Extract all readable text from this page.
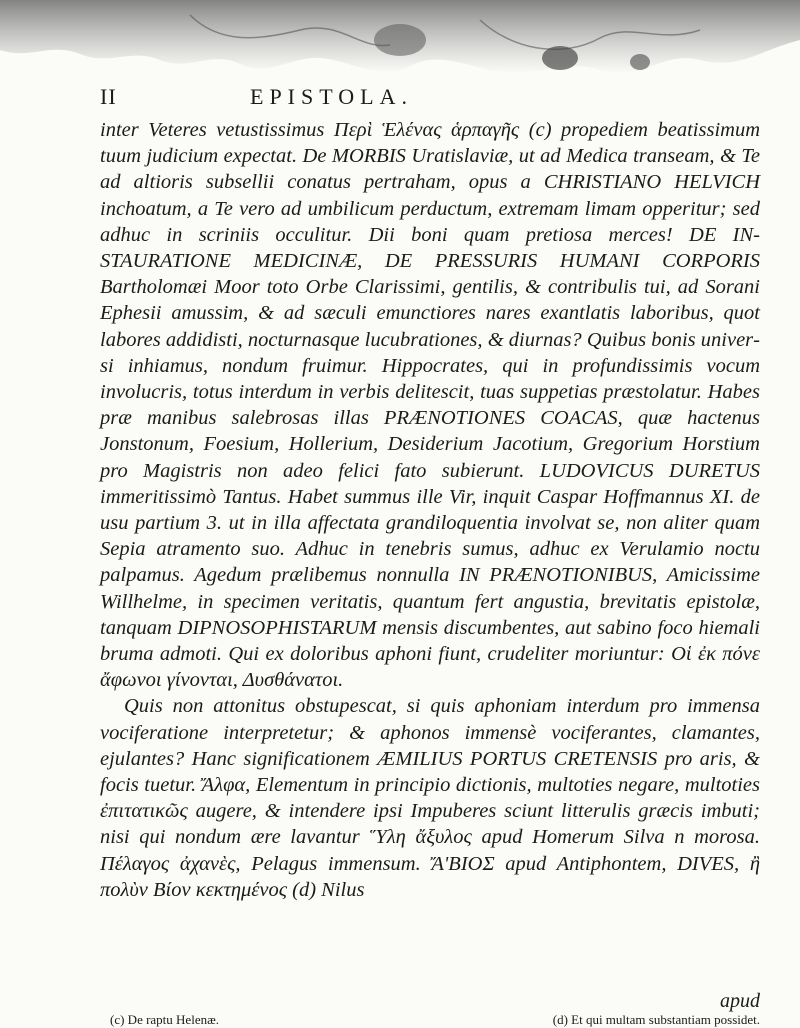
II	EPISTOLA.

inter Veteres vetustissimus Περὶ Ἑλένας ἁρπαγῆς (c) propediem beatissimum tuum judicium expectat. De MORBIS Uratislaviæ, ut ad Medica transeam, & Te ad altioris subsellii conatus pertraham, opus a CHRISTIANO HELVICH inchoatum, a Te vero ad umbilicum perductum, extremam limam opperitur; sed adhuc in scriniis occulitur. Dii boni quam pretiosa merces! DE INSTAURATIONE MEDICINÆ, DE PRESSURIS HUMANI CORPORIS Bartholomæi Moor toto Orbe Clarissimi, gentilis, & contribulis tui, ad Sorani Ephesii amussim, & ad sæculi emunctiores nares exantlatis laboribus, quot labores addidisti, nocturnasque lucubrationes, & diurnas? Quibus bonis universi inhiamus, nondum fruimur. Hippocrates, qui in profundissimis vocum involucris, totus interdum in verbis delitescit, tuas suppetias præstolatur. Habes præ manibus salebrosas illas PRÆNOTIONES COACAS, quæ hactenus Jonstonum, Foesium, Hollerium, Desiderium Jacotium, Gregorium Horstium pro Magistris non adeo felici fato subierunt. LUDOVICUS DURETUS immeritissimò Tantus. Habet summus ille Vir, inquit Caspar Hoffmannus XI. de usu partium 3. ut in illa affectata grandiloquentia involvat se, non aliter quam Sepia atramento suo. Adhuc in tenebris sumus, adhuc ex Verulamio noctu palpamus. Agedum prælibemus nonnulla IN PRÆNOTIONIBUS, Amicissime Willhelme, in specimen veritatis, quantum fert angustia, brevitatis epistolæ, tanquam DIPNOSOPHISTARUM mensis discumbentes, aut sabino foco hiemali bruma admoti. Qui ex doloribus aphoni fiunt, crudeliter moriuntur: Οἱ ἐκ πόνε ἄφωνοι γίνονται, Δυσθάνατοι.

Quis non attonitus obstupescat, si quis aphoniam interdum pro immensa vociferatione interpretetur; & aphonos immensè vociferantes, clamantes, ejulantes? Hanc significationem ÆMILIUS PORTUS CRETENSIS pro aris, & focis tuetur. Ἄλφα, Elementum in principio dictionis, multoties negare, multoties ἐπιτατικῶς augere, & intendere ipsi Impuberes sciunt litterulis græcis imbuti; nisi qui nondum ære lavantur Ὕλη ἄξυλος apud Homerum Silva n morosa. Πέλαγος ἀχανὲς, Pelagus immensum. Ἄ'ΒΙΟΣ apud Antiphontem, DIVES, ἢ πολὺν Βίον κεκτημένος (d) Nilus

apud
(c) De raptu Helenæ.	(d) Et qui multam substantiam possidet.
